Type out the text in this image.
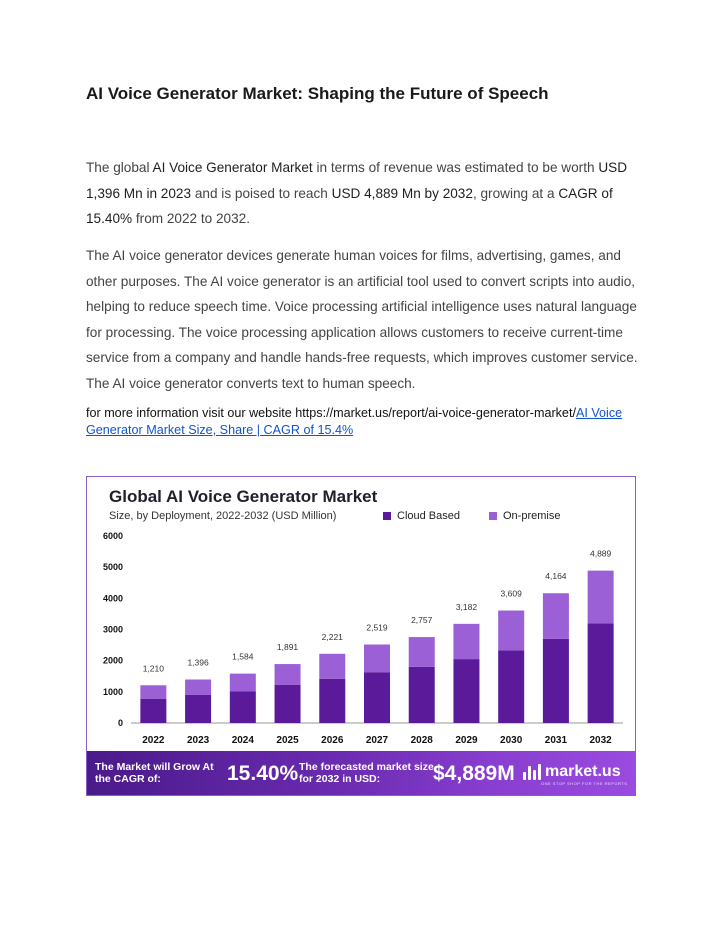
AI Voice Generator Market: Shaping the Future of Speech

The global AI Voice Generator Market in terms of revenue was estimated to be worth USD 1,396 Mn in 2023 and is poised to reach USD 4,889 Mn by 2032, growing at a CAGR of 15.40% from 2022 to 2032.

The AI voice generator devices generate human voices for films, advertising, games, and other purposes. The AI voice generator is an artificial tool used to convert scripts into audio, helping to reduce speech time. Voice processing artificial intelligence uses natural language for processing. The voice processing application allows customers to receive current-time service from a company and handle hands-free requests, which improves customer service. The AI voice generator converts text to human speech.

for more information visit our website https://market.us/report/ai-voice-generator-market/AI Voice Generator Market Size, Share | CAGR of 15.4%
Global AI Voice Generator Market
Size, by Deployment, 2022-2032 (USD Million)	Cloud Based	On-premise
0
1000
2000
3000
4000
5000
6000
1,210
2022
1,396
2023
1,584
2024
1,891
2025
2,221
2026
2,519
2027
2,757
2028
3,182
2029
3,609
2030
4,164
2031
4,889
2032
The Market will Grow At the CAGR of:	15.40% The forecasted market size for 2032 in USD:	$4,889M market.us
ONE STOP SHOP FOR THE REPORTS
